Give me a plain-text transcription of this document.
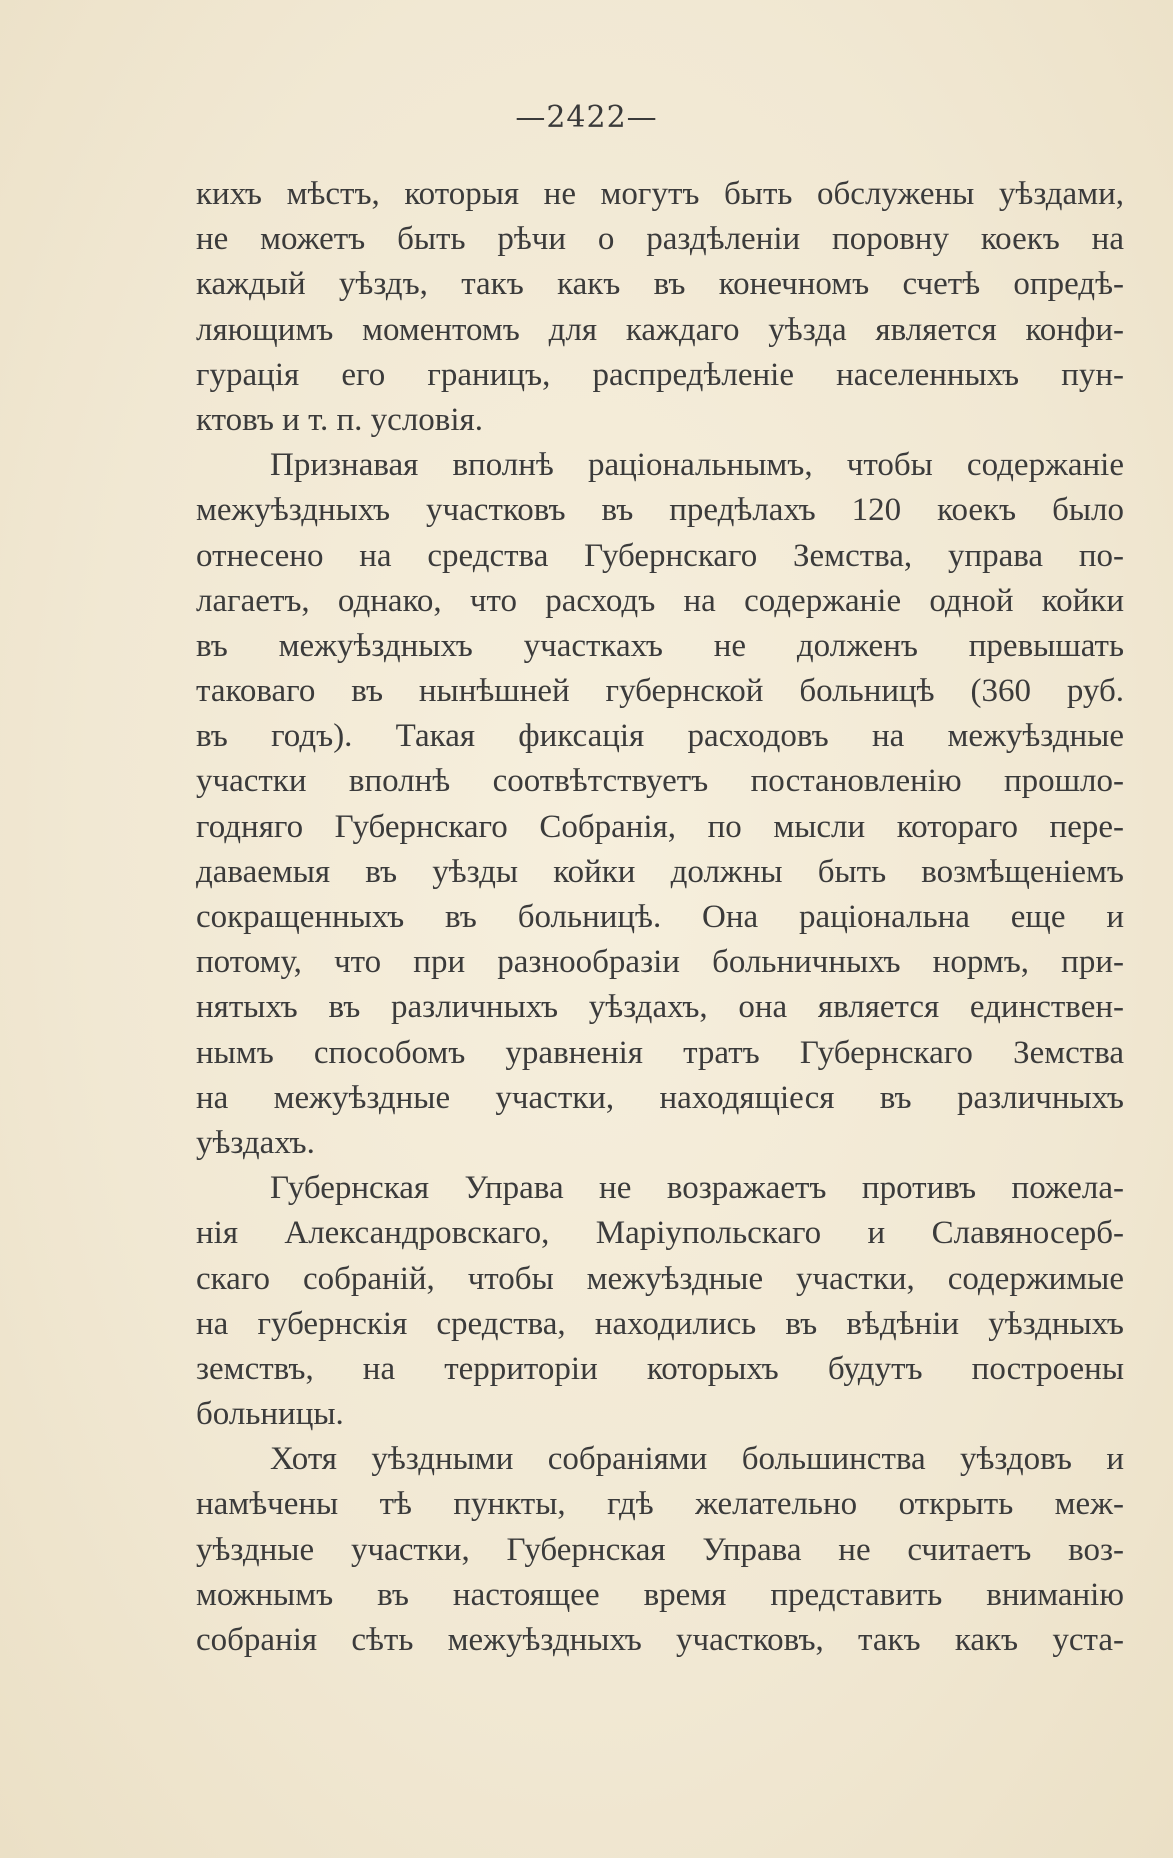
—2422—
кихъ мѣстъ, которыя не могутъ быть обслужены уѣздами,
не можетъ быть рѣчи о раздѣленіи поровну коекъ на
каждый уѣздъ, такъ какъ въ конечномъ счетѣ опредѣ-
ляющимъ моментомъ для каждаго уѣзда является конфи-
гурація его границъ, распредѣленіе населенныхъ пун-
ктовъ и т. п. условія.
Признавая вполнѣ раціональнымъ, чтобы содержаніе
межуѣздныхъ участковъ въ предѣлахъ 120 коекъ было
отнесено на средства Губернскаго Земства, управа по-
лагаетъ, однако, что расходъ на содержаніе одной койки
въ межуѣздныхъ участкахъ не долженъ превышать
таковаго въ нынѣшней губернской больницѣ (360 руб.
въ годъ). Такая фиксація расходовъ на межуѣздные
участки вполнѣ соотвѣтствуетъ постановленію прошло-
годняго Губернскаго Собранія, по мысли котораго пере-
даваемыя въ уѣзды койки должны быть возмѣщеніемъ
сокращенныхъ въ больницѣ. Она раціональна еще и
потому, что при разнообразіи больничныхъ нормъ, при-
нятыхъ въ различныхъ уѣздахъ, она является единствен-
нымъ способомъ уравненія тратъ Губернскаго Земства
на межуѣздные участки, находящіеся въ различныхъ
уѣздахъ.
Губернская Управа не возражаетъ противъ пожела-
нія Александровскаго, Маріупольскаго и Славяносерб-
скаго собраній, чтобы межуѣздные участки, содержимые
на губернскія средства, находились въ вѣдѣніи уѣздныхъ
земствъ, на территоріи которыхъ будутъ построены
больницы.
Хотя уѣздными собраніями большинства уѣздовъ и
намѣчены тѣ пункты, гдѣ желательно открыть меж-
уѣздные участки, Губернская Управа не считаетъ воз-
можнымъ въ настоящее время представить вниманію
собранія сѣть межуѣздныхъ участковъ, такъ какъ уста-
